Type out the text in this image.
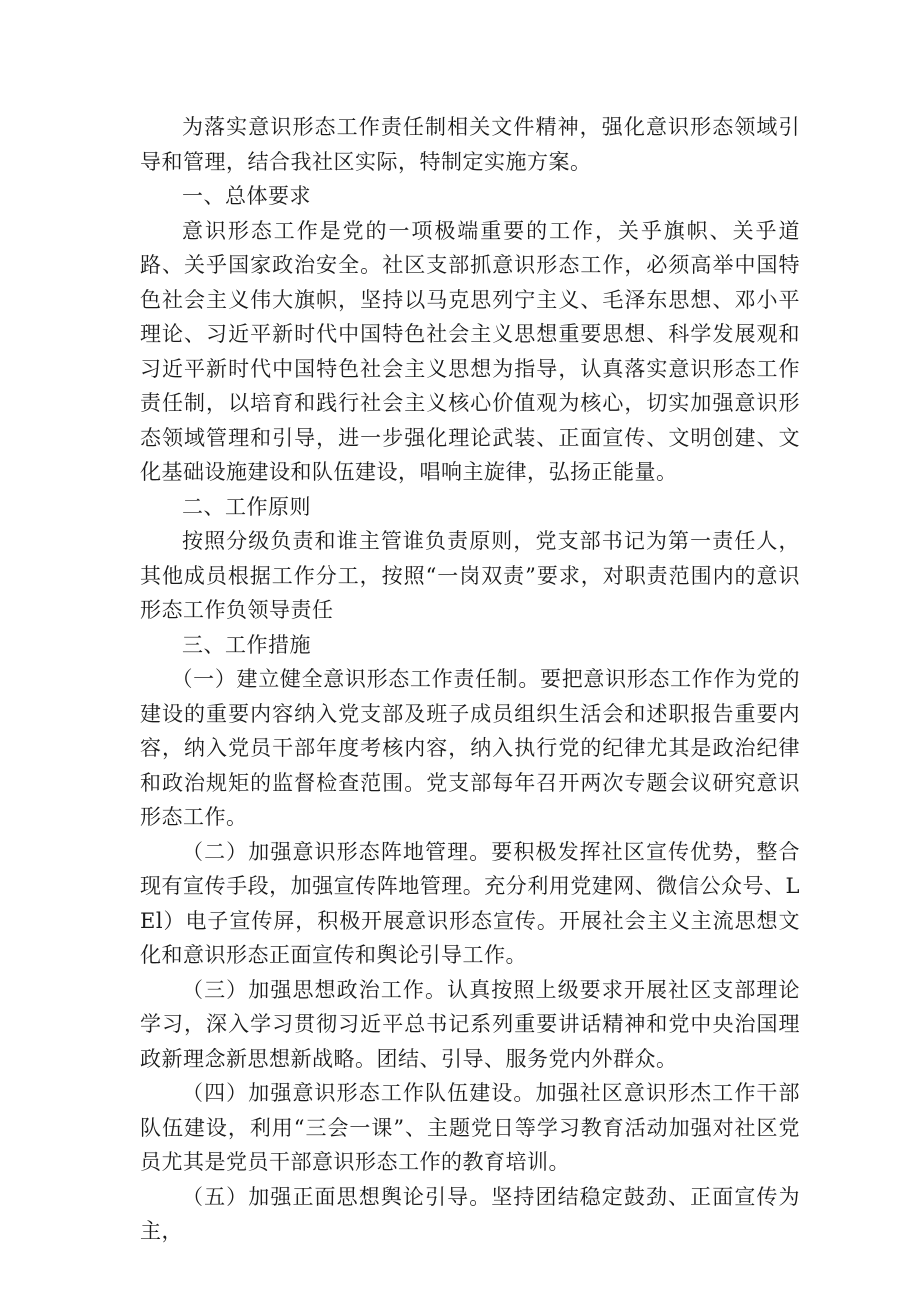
为落实意识形态工作责任制相关文件精神，强化意识形态领域引导和管理，结合我社区实际，特制定实施方案。

一、总体要求

意识形态工作是党的一项极端重要的工作，关乎旗帜、关乎道路、关乎国家政治安全。社区支部抓意识形态工作，必须高举中国特色社会主义伟大旗帜，坚持以马克思列宁主义、毛泽东思想、邓小平理论、习近平新时代中国特色社会主义思想重要思想、科学发展观和习近平新时代中国特色社会主义思想为指导，认真落实意识形态工作责任制，以培育和践行社会主义核心价值观为核心，切实加强意识形态领域管理和引导，进一步强化理论武装、正面宣传、文明创建、文化基础设施建设和队伍建设，唱响主旋律，弘扬正能量。

二、工作原则

按照分级负责和谁主管谁负责原则，党支部书记为第一责任人，其他成员根据工作分工，按照“一岗双责”要求，对职责范围内的意识形态工作负领导责任

三、工作措施

（一）建立健全意识形态工作责任制。要把意识形态工作作为党的建设的重要内容纳入党支部及班子成员组织生活会和述职报告重要内容，纳入党员干部年度考核内容，纳入执行党的纪律尤其是政治纪律和政治规矩的监督检查范围。党支部每年召开两次专题会议研究意识形态工作。

（二）加强意识形态阵地管理。要积极发挥社区宣传优势，整合现有宣传手段，加强宣传阵地管理。充分利用党建网、微信公众号、LEl）电子宣传屏，积极开展意识形态宣传。开展社会主义主流思想文化和意识形态正面宣传和舆论引导工作。

（三）加强思想政治工作。认真按照上级要求开展社区支部理论学习，深入学习贯彻习近平总书记系列重要讲话精神和党中央治国理政新理念新思想新战略。团结、引导、服务党内外群众。

（四）加强意识形态工作队伍建设。加强社区意识形杰工作干部队伍建设，利用“三会一课”、主题党日等学习教育活动加强对社区党员尤其是党员干部意识形态工作的教育培训。

（五）加强正面思想舆论引导。坚持团结稳定鼓劲、正面宣传为主，
